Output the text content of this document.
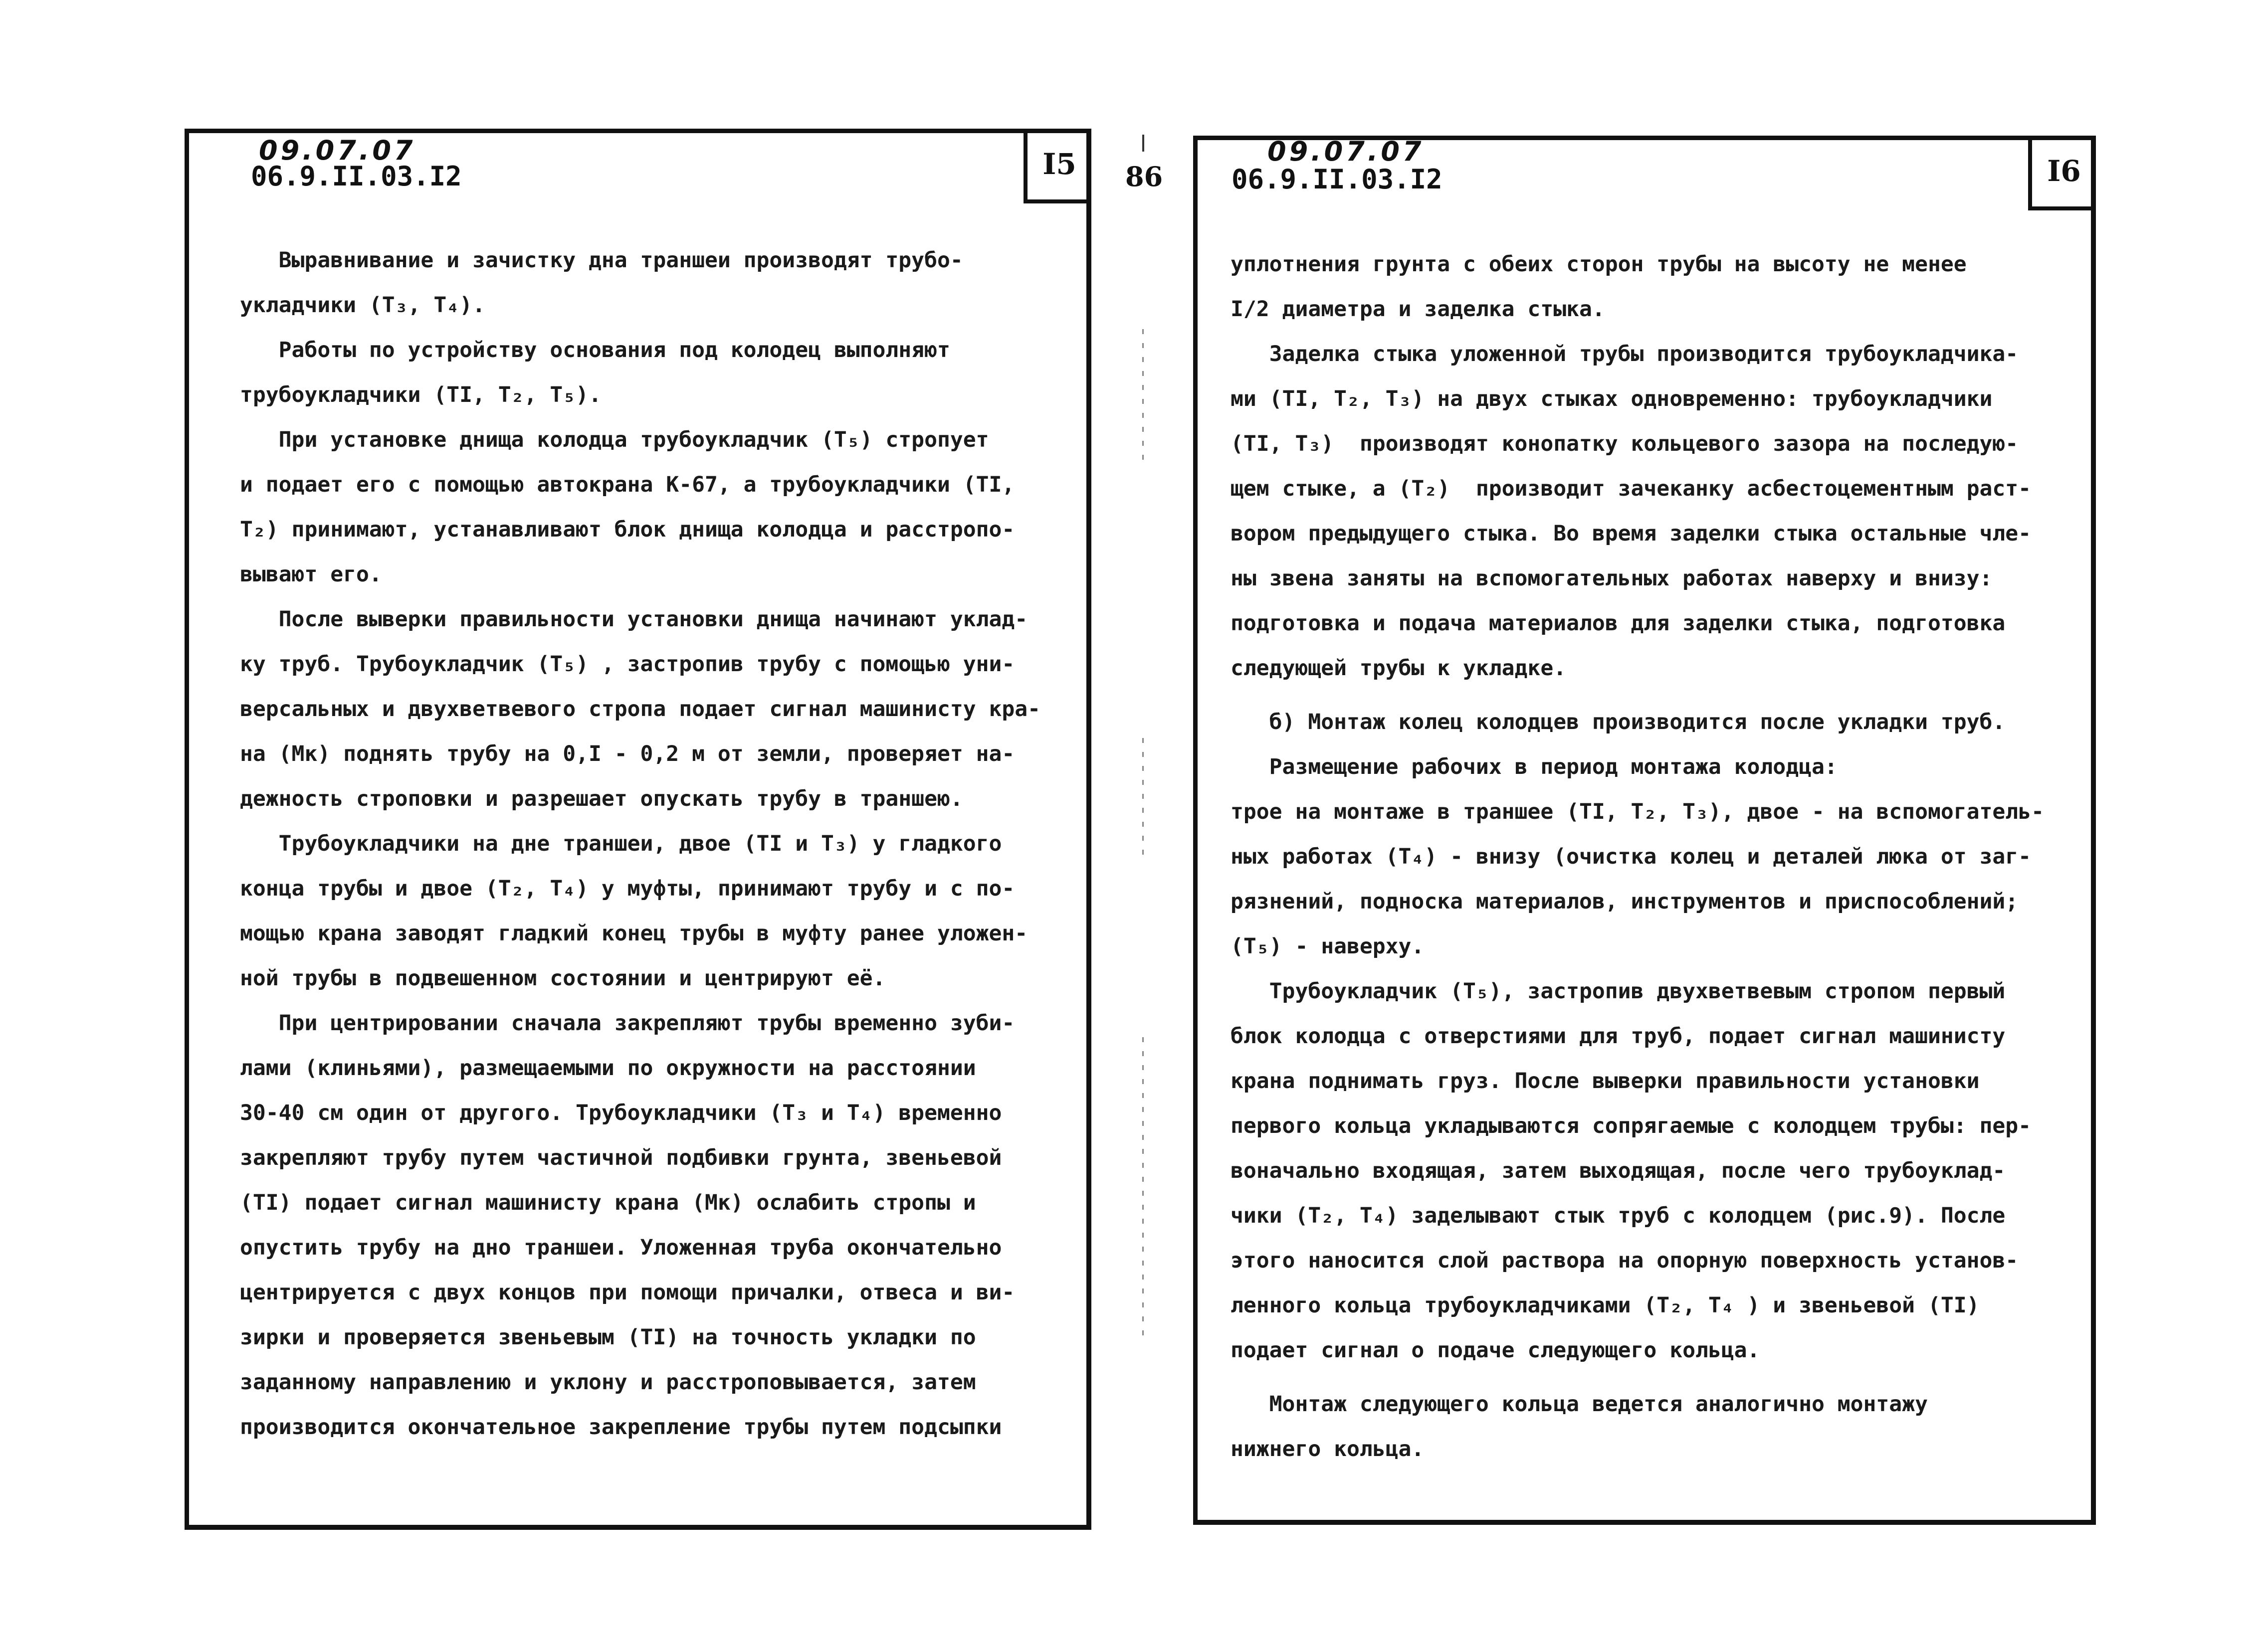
86
09.07.07
06.9.II.03.I2	I5
Выравнивание и зачистку дна траншеи производят трубо-
укладчики (Т₃, Т₄).
Работы по устройству основания под колодец выполняют
трубоукладчики (ТΙ, Т₂, Т₅).
При установке днища колодца трубоукладчик (Т₅) стропует
и подает его с помощью автокрана К-67, а трубоукладчики (ТΙ,
Т₂) принимают, устанавливают блок днища колодца и расстропо-
вывают его.
После выверки правильности установки днища начинают уклад-
ку труб. Трубоукладчик (Т₅) , застропив трубу с помощью уни-
версальных и двухветвевого стропа подает сигнал машинисту кра-
на (Мк) поднять трубу на 0,I - 0,2 м от земли, проверяет на-
дежность строповки и разрешает опускать трубу в траншею.
Трубоукладчики на дне траншеи, двое (ТΙ и Т₃) у гладкого
конца трубы и двое (Т₂, Т₄) у муфты, принимают трубу и с по-
мощью крана заводят гладкий конец трубы в муфту ранее уложен-
ной трубы в подвешенном состоянии и центрируют её.
При центрировании сначала закрепляют трубы временно зуби-
лами (клиньями), размещаемыми по окружности на расстоянии
30-40 см один от другого. Трубоукладчики (Т₃ и Т₄) временно
закрепляют трубу путем частичной подбивки грунта, звеньевой
(ТΙ) подает сигнал машинисту крана (Мк) ослабить стропы и
опустить трубу на дно траншеи. Уложенная труба окончательно
центрируется с двух концов при помощи причалки, отвеса и ви-
зирки и проверяется звеньевым (ТΙ) на точность укладки по
заданному направлению и уклону и расстроповывается, затем
производится окончательное закрепление трубы путем подсыпки
09.07.07
06.9.II.03.I2	I6
уплотнения грунта с обеих сторон трубы на высоту не менее
I/2 диаметра и заделка стыка.
Заделка стыка уложенной трубы производится трубоукладчика-
ми (ТΙ, Т₂, Т₃) на двух стыках одновременно: трубоукладчики
(ТΙ, Т₃)  производят конопатку кольцевого зазора на последую-
щем стыке, а (Т₂)  производит зачеканку асбестоцементным раст-
вором предыдущего стыка. Во время заделки стыка остальные чле-
ны звена заняты на вспомогательных работах наверху и внизу:
подготовка и подача материалов для заделки стыка, подготовка
следующей трубы к укладке.
б) Монтаж колец колодцев производится после укладки труб.
Размещение рабочих в период монтажа колодца:
трое на монтаже в траншее (ТΙ, Т₂, Т₃), двое - на вспомогатель-
ных работах (Т₄) - внизу (очистка колец и деталей люка от заг-
рязнений, подноска материалов, инструментов и приспособлений;
(Т₅) - наверху.
Трубоукладчик (Т₅), застропив двухветвевым стропом первый
блок колодца с отверстиями для труб, подает сигнал машинисту
крана поднимать груз. После выверки правильности установки
первого кольца укладываются сопрягаемые с колодцем трубы: пер-
воначально входящая, затем выходящая, после чего трубоуклад-
чики (Т₂, Т₄) заделывают стык труб с колодцем (рис.9). После
этого наносится слой раствора на опорную поверхность установ-
ленного кольца трубоукладчиками (Т₂, Т₄ ) и звеньевой (ТΙ)
подает сигнал о подаче следующего кольца.
Монтаж следующего кольца ведется аналогично монтажу
нижнего кольца.
